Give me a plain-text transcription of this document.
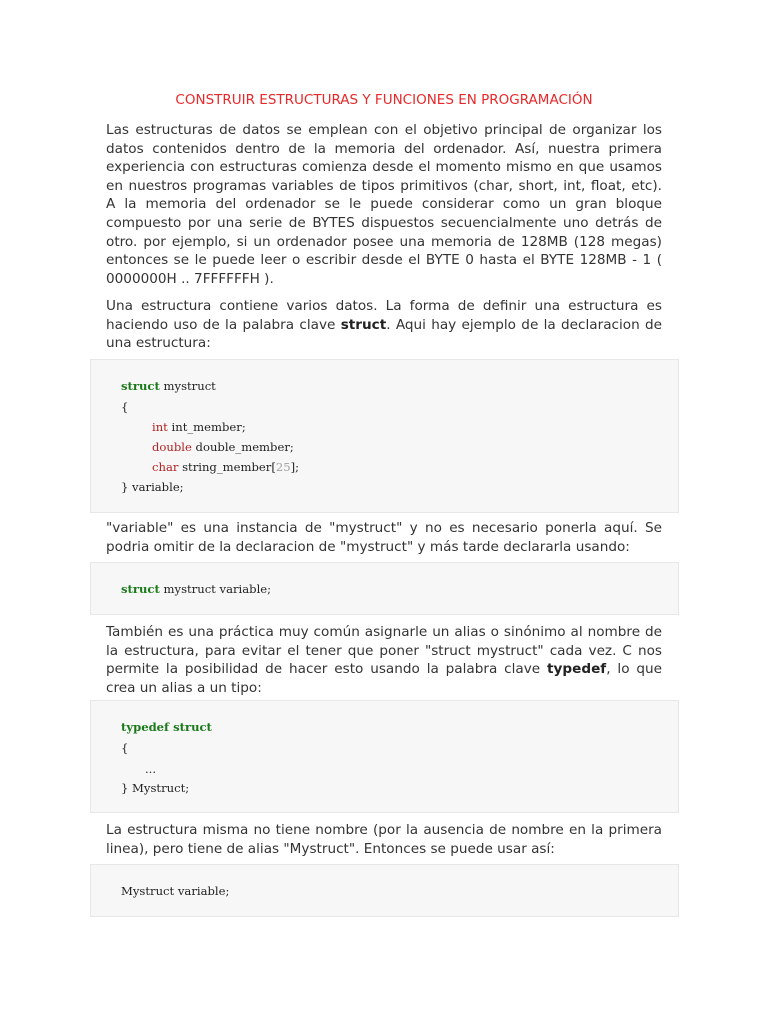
CONSTRUIR ESTRUCTURAS Y FUNCIONES EN PROGRAMACIÓN

Las estructuras de datos se emplean con el objetivo principal de organizar los datos contenidos dentro de la memoria del ordenador. Así, nuestra primera experiencia con estructuras comienza desde el momento mismo en que usamos en nuestros programas variables de tipos primitivos (char, short, int, float, etc). A la memoria del ordenador se le puede considerar como un gran bloque compuesto por una serie de BYTES dispuestos secuencialmente uno detrás de otro. por ejemplo, si un ordenador posee una memoria de 128MB (128 megas) entonces se le puede leer o escribir desde el BYTE 0 hasta el BYTE 128MB - 1 ( 0000000H .. 7FFFFFFH ).

Una estructura contiene varios datos. La forma de definir una estructura es haciendo uso de la palabra clave struct. Aqui hay ejemplo de la declaracion de una estructura:

struct mystruct
{
int int_member;
double double_member;
char string_member[25];
} variable;

"variable" es una instancia de "mystruct" y no es necesario ponerla aquí. Se podria omitir de la declaracion de "mystruct" y más tarde declararla usando:

struct mystruct variable;

También es una práctica muy común asignarle un alias o sinónimo al nombre de la estructura, para evitar el tener que poner "struct mystruct" cada vez. C nos permite la posibilidad de hacer esto usando la palabra clave typedef, lo que crea un alias a un tipo:

typedef struct
{
...
} Mystruct;

La estructura misma no tiene nombre (por la ausencia de nombre en la primera linea), pero tiene de alias "Mystruct". Entonces se puede usar así:

Mystruct variable;
